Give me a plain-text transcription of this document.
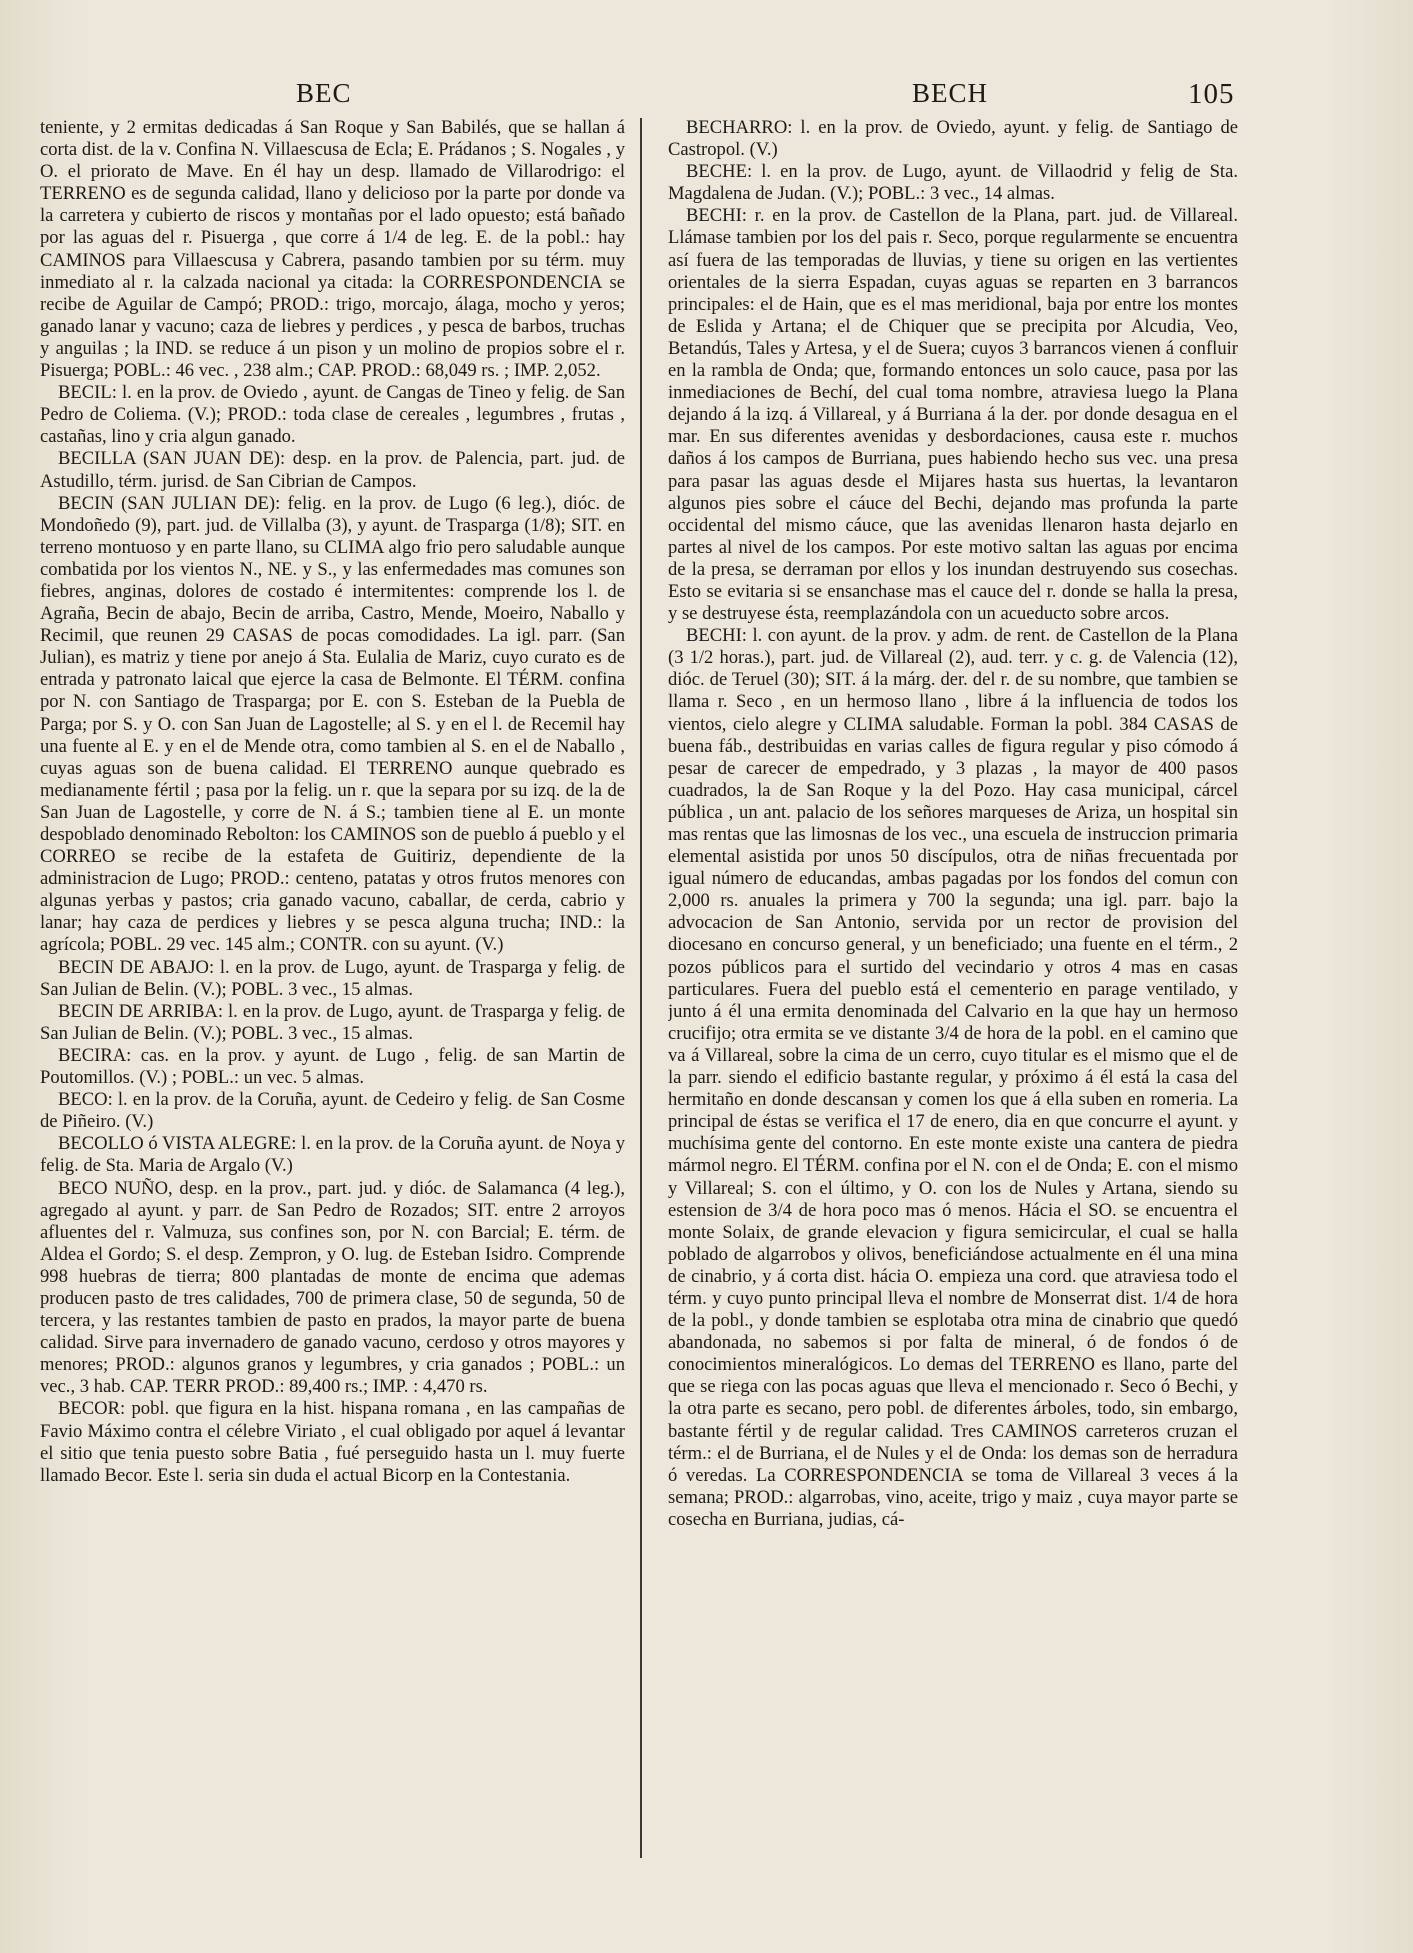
BEC	BECH	105

teniente, y 2 ermitas dedicadas á San Roque y San Babilés, que se hallan á corta dist. de la v. Confina N. Villaescusa de Ecla; E. Prádanos ; S. Nogales , y O. el priorato de Mave. En él hay un desp. llamado de Villarodrigo: el TERRENO es de segunda calidad, llano y delicioso por la parte por donde va la carretera y cubierto de riscos y montañas por el lado opuesto; está bañado por las aguas del r. Pisuerga , que corre á 1/4 de leg. E. de la pobl.: hay CAMINOS para Villaescusa y Cabrera, pasando tambien por su térm. muy inmediato al r. la calzada nacional ya citada: la CORRESPONDENCIA se recibe de Aguilar de Campó; PROD.: trigo, morcajo, álaga, mocho y yeros; ganado lanar y vacuno; caza de liebres y perdices , y pesca de barbos, truchas y anguilas ; la IND. se reduce á un pison y un molino de propios sobre el r. Pisuerga; POBL.: 46 vec. , 238 alm.; CAP. PROD.: 68,049 rs. ; IMP. 2,052.

BECIL: l. en la prov. de Oviedo , ayunt. de Cangas de Tineo y felig. de San Pedro de Coliema. (V.); PROD.: toda clase de cereales , legumbres , frutas , castañas, lino y cria algun ganado.

BECILLA (SAN JUAN DE): desp. en la prov. de Palencia, part. jud. de Astudillo, térm. jurisd. de San Cibrian de Campos.

BECIN (SAN JULIAN DE): felig. en la prov. de Lugo (6 leg.), dióc. de Mondoñedo (9), part. jud. de Villalba (3), y ayunt. de Trasparga (1/8); SIT. en terreno montuoso y en parte llano, su CLIMA algo frio pero saludable aunque combatida por los vientos N., NE. y S., y las enfermedades mas comunes son fiebres, anginas, dolores de costado é intermitentes: comprende los l. de Agraña, Becin de abajo, Becin de arriba, Castro, Mende, Moeiro, Naballo y Recimil, que reunen 29 CASAS de pocas comodidades. La igl. parr. (San Julian), es matriz y tiene por anejo á Sta. Eulalia de Mariz, cuyo curato es de entrada y patronato laical que ejerce la casa de Belmonte. El TÉRM. confina por N. con Santiago de Trasparga; por E. con S. Esteban de la Puebla de Parga; por S. y O. con San Juan de Lagostelle; al S. y en el l. de Recemil hay una fuente al E. y en el de Mende otra, como tambien al S. en el de Naballo , cuyas aguas son de buena calidad. El TERRENO aunque quebrado es medianamente fértil ; pasa por la felig. un r. que la separa por su izq. de la de San Juan de Lagostelle, y corre de N. á S.; tambien tiene al E. un monte despoblado denominado Rebolton: los CAMINOS son de pueblo á pueblo y el CORREO se recibe de la estafeta de Guitiriz, dependiente de la administracion de Lugo; PROD.: centeno, patatas y otros frutos menores con algunas yerbas y pastos; cria ganado vacuno, caballar, de cerda, cabrio y lanar; hay caza de perdices y liebres y se pesca alguna trucha; IND.: la agrícola; POBL. 29 vec. 145 alm.; CONTR. con su ayunt. (V.)

BECIN DE ABAJO: l. en la prov. de Lugo, ayunt. de Trasparga y felig. de San Julian de Belin. (V.); POBL. 3 vec., 15 almas.

BECIN DE ARRIBA: l. en la prov. de Lugo, ayunt. de Trasparga y felig. de San Julian de Belin. (V.); POBL. 3 vec., 15 almas.

BECIRA: cas. en la prov. y ayunt. de Lugo , felig. de san Martin de Poutomillos. (V.) ; POBL.: un vec. 5 almas.

BECO: l. en la prov. de la Coruña, ayunt. de Cedeiro y felig. de San Cosme de Piñeiro. (V.)

BECOLLO ó VISTA ALEGRE: l. en la prov. de la Coruña ayunt. de Noya y felig. de Sta. Maria de Argalo (V.)

BECO NUÑO, desp. en la prov., part. jud. y dióc. de Salamanca (4 leg.), agregado al ayunt. y parr. de San Pedro de Rozados; SIT. entre 2 arroyos afluentes del r. Valmuza, sus confines son, por N. con Barcial; E. térm. de Aldea el Gordo; S. el desp. Zempron, y O. lug. de Esteban Isidro. Comprende 998 huebras de tierra; 800 plantadas de monte de encima que ademas producen pasto de tres calidades, 700 de primera clase, 50 de segunda, 50 de tercera, y las restantes tambien de pasto en prados, la mayor parte de buena calidad. Sirve para invernadero de ganado vacuno, cerdoso y otros mayores y menores; PROD.: algunos granos y legumbres, y cria ganados ; POBL.: un vec., 3 hab. CAP. TERR PROD.: 89,400 rs.; IMP. : 4,470 rs.

BECOR: pobl. que figura en la hist. hispana romana , en las campañas de Favio Máximo contra el célebre Viriato , el cual obligado por aquel á levantar el sitio que tenia puesto sobre Batia , fué perseguido hasta un l. muy fuerte llamado Becor. Este l. seria sin duda el actual Bicorp en la Contestania.

BECHARRO: l. en la prov. de Oviedo, ayunt. y felig. de Santiago de Castropol. (V.)

BECHE: l. en la prov. de Lugo, ayunt. de Villaodrid y felig de Sta. Magdalena de Judan. (V.); POBL.: 3 vec., 14 almas.

BECHI: r. en la prov. de Castellon de la Plana, part. jud. de Villareal. Llámase tambien por los del pais r. Seco, porque regularmente se encuentra así fuera de las temporadas de lluvias, y tiene su origen en las vertientes orientales de la sierra Espadan, cuyas aguas se reparten en 3 barrancos principales: el de Hain, que es el mas meridional, baja por entre los montes de Eslida y Artana; el de Chiquer que se precipita por Alcudia, Veo, Betandús, Tales y Artesa, y el de Suera; cuyos 3 barrancos vienen á confluir en la rambla de Onda; que, formando entonces un solo cauce, pasa por las inmediaciones de Bechí, del cual toma nombre, atraviesa luego la Plana dejando á la izq. á Villareal, y á Burriana á la der. por donde desagua en el mar. En sus diferentes avenidas y desbordaciones, causa este r. muchos daños á los campos de Burriana, pues habiendo hecho sus vec. una presa para pasar las aguas desde el Mijares hasta sus huertas, la levantaron algunos pies sobre el cáuce del Bechi, dejando mas profunda la parte occidental del mismo cáuce, que las avenidas llenaron hasta dejarlo en partes al nivel de los campos. Por este motivo saltan las aguas por encima de la presa, se derraman por ellos y los inundan destruyendo sus cosechas. Esto se evitaria si se ensanchase mas el cauce del r. donde se halla la presa, y se destruyese ésta, reemplazándola con un acueducto sobre arcos.

BECHI: l. con ayunt. de la prov. y adm. de rent. de Castellon de la Plana (3 1/2 horas.), part. jud. de Villareal (2), aud. terr. y c. g. de Valencia (12), dióc. de Teruel (30); SIT. á la márg. der. del r. de su nombre, que tambien se llama r. Seco , en un hermoso llano , libre á la influencia de todos los vientos, cielo alegre y CLIMA saludable. Forman la pobl. 384 CASAS de buena fáb., destribuidas en varias calles de figura regular y piso cómodo á pesar de carecer de empedrado, y 3 plazas , la mayor de 400 pasos cuadrados, la de San Roque y la del Pozo. Hay casa municipal, cárcel pública , un ant. palacio de los señores marqueses de Ariza, un hospital sin mas rentas que las limosnas de los vec., una escuela de instruccion primaria elemental asistida por unos 50 discípulos, otra de niñas frecuentada por igual número de educandas, ambas pagadas por los fondos del comun con 2,000 rs. anuales la primera y 700 la segunda; una igl. parr. bajo la advocacion de San Antonio, servida por un rector de provision del diocesano en concurso general, y un beneficiado; una fuente en el térm., 2 pozos públicos para el surtido del vecindario y otros 4 mas en casas particulares. Fuera del pueblo está el cementerio en parage ventilado, y junto á él una ermita denominada del Calvario en la que hay un hermoso crucifijo; otra ermita se ve distante 3/4 de hora de la pobl. en el camino que va á Villareal, sobre la cima de un cerro, cuyo titular es el mismo que el de la parr. siendo el edificio bastante regular, y próximo á él está la casa del hermitaño en donde descansan y comen los que á ella suben en romeria. La principal de éstas se verifica el 17 de enero, dia en que concurre el ayunt. y muchísima gente del contorno. En este monte existe una cantera de piedra mármol negro. El TÉRM. confina por el N. con el de Onda; E. con el mismo y Villareal; S. con el último, y O. con los de Nules y Artana, siendo su estension de 3/4 de hora poco mas ó menos. Hácia el SO. se encuentra el monte Solaix, de grande elevacion y figura semicircular, el cual se halla poblado de algarrobos y olivos, beneficiándose actualmente en él una mina de cinabrio, y á corta dist. hácia O. empieza una cord. que atraviesa todo el térm. y cuyo punto principal lleva el nombre de Monserrat dist. 1/4 de hora de la pobl., y donde tambien se esplotaba otra mina de cinabrio que quedó abandonada, no sabemos si por falta de mineral, ó de fondos ó de conocimientos mineralógicos. Lo demas del TERRENO es llano, parte del que se riega con las pocas aguas que lleva el mencionado r. Seco ó Bechi, y la otra parte es secano, pero pobl. de diferentes árboles, todo, sin embargo, bastante fértil y de regular calidad. Tres CAMINOS carreteros cruzan el térm.: el de Burriana, el de Nules y el de Onda: los demas son de herradura ó veredas. La CORRESPONDENCIA se toma de Villareal 3 veces á la semana; PROD.: algarrobas, vino, aceite, trigo y maiz , cuya mayor parte se cosecha en Burriana, judias, cá-
